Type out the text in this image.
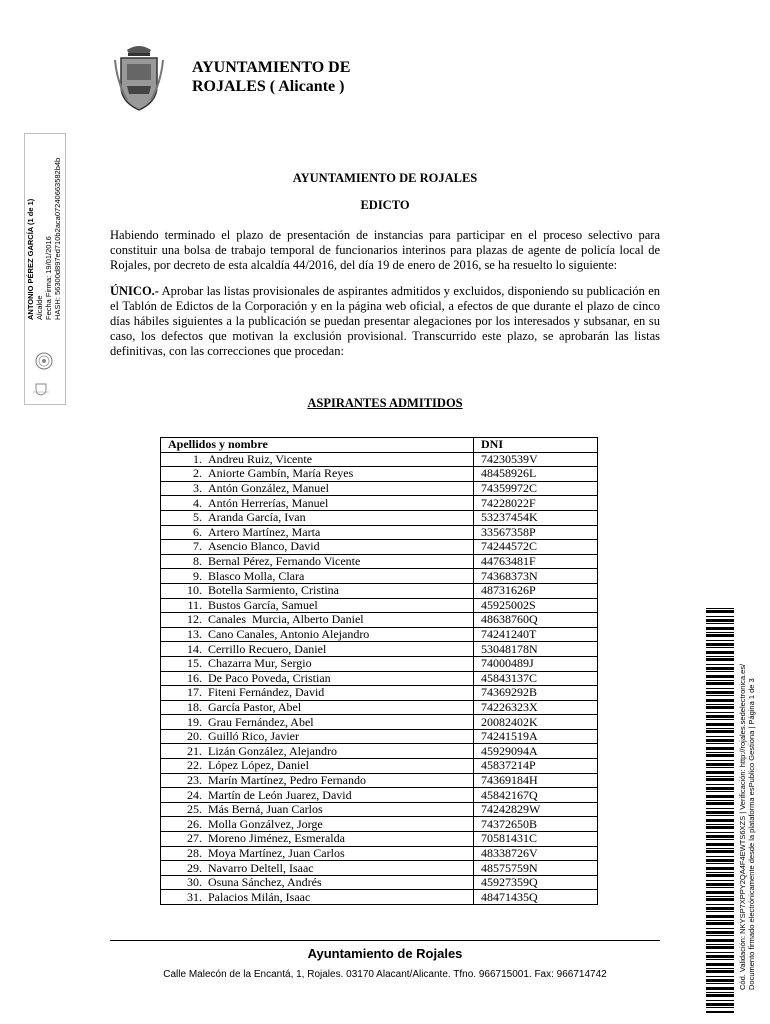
AYUNTAMIENTO DE
ROJALES ( Alicante )
ANTONIO PÉREZ GARCÍA (1 de 1) Alcalde Fecha Firma: 19/01/2016 HASH: 56300d897ed710b2aca07240663582b4b	AYUNTAMIENTO DE ROJALES
EDICTO

Habiendo terminado el plazo de presentación de instancias para participar en el proceso selectivo para constituir una bolsa de trabajo temporal de funcionarios interinos para plazas de agente de policía local de Rojales, por decreto de esta alcaldía 44/2016, del día 19 de enero de 2016, se ha resuelto lo siguiente:

ÚNICO.- Aprobar las listas provisionales de aspirantes admitidos y excluidos, disponiendo su publicación en el Tablón de Edictos de la Corporación y en la página web oficial, a efectos de que durante el plazo de cinco días hábiles siguientes a la publicación se puedan presentar alegaciones por los interesados y subsanar, en su caso, los defectos que motivan la exclusión provisional. Transcurrido este plazo, se aprobarán las listas definitivas, con las correcciones que procedan:

ASPIRANTES ADMITIDOS
Apellidos y nombre	DNI
1. Andreu Ruiz, Vicente	74230539V
2. Aniorte Gambín, María Reyes	48458926L
3. Antón González, Manuel	74359972C
4. Antón Herrerías, Manuel	74228022F
5. Aranda García, Ivan	53237454K
6. Artero Martínez, Marta	33567358P
7. Asencio Blanco, David	74244572C
8. Bernal Pérez, Fernando Vicente	44763481F
9. Blasco Molla, Clara	74368373N
10. Botella Sarmiento, Cristina	48731626P
11. Bustos García, Samuel	45925002S
12. Canales  Murcia, Alberto Daniel	48638760Q
13. Cano Canales, Antonio Alejandro	74241240T
14. Cerrillo Recuero, Daniel	53048178N
15. Chazarra Mur, Sergio	74000489J
16. De Paco Poveda, Cristian	45843137C
17. Fiteni Fernández, David	74369292B
18. García Pastor, Abel	74226323X
19. Grau Fernández, Abel	20082402K
20. Guilló Rico, Javier	74241519A
21. Lizán González, Alejandro	45929094A
22. López López, Daniel	45837214P
23. Marín Martínez, Pedro Fernando	74369184H
24. Martín de León Juarez, David	45842167Q
25. Más Berná, Juan Carlos	74242829W
26. Molla Gonzálvez, Jorge	74372650B
27. Moreno Jiménez, Esmeralda	70581431C
28. Moya Martínez, Juan Carlos	48338726V
29. Navarro Deltell, Isaac	48575759N
30. Osuna Sánchez, Andrés	45927359Q
31. Palacios Milán, Isaac	48471435Q	Cód. Validación: NKYSP7XPPY2QA4F4EWTS6XZS | Verificación: http://rojales.sedelectronica.es/ Documento firmado electrónicamente desde la plataforma esPublico Gestiona | Página 1 de 3
Ayuntamiento de Rojales
Calle Malecón de la Encantá, 1, Rojales. 03170 Alacant/Alicante. Tfno. 966715001. Fax: 966714742
